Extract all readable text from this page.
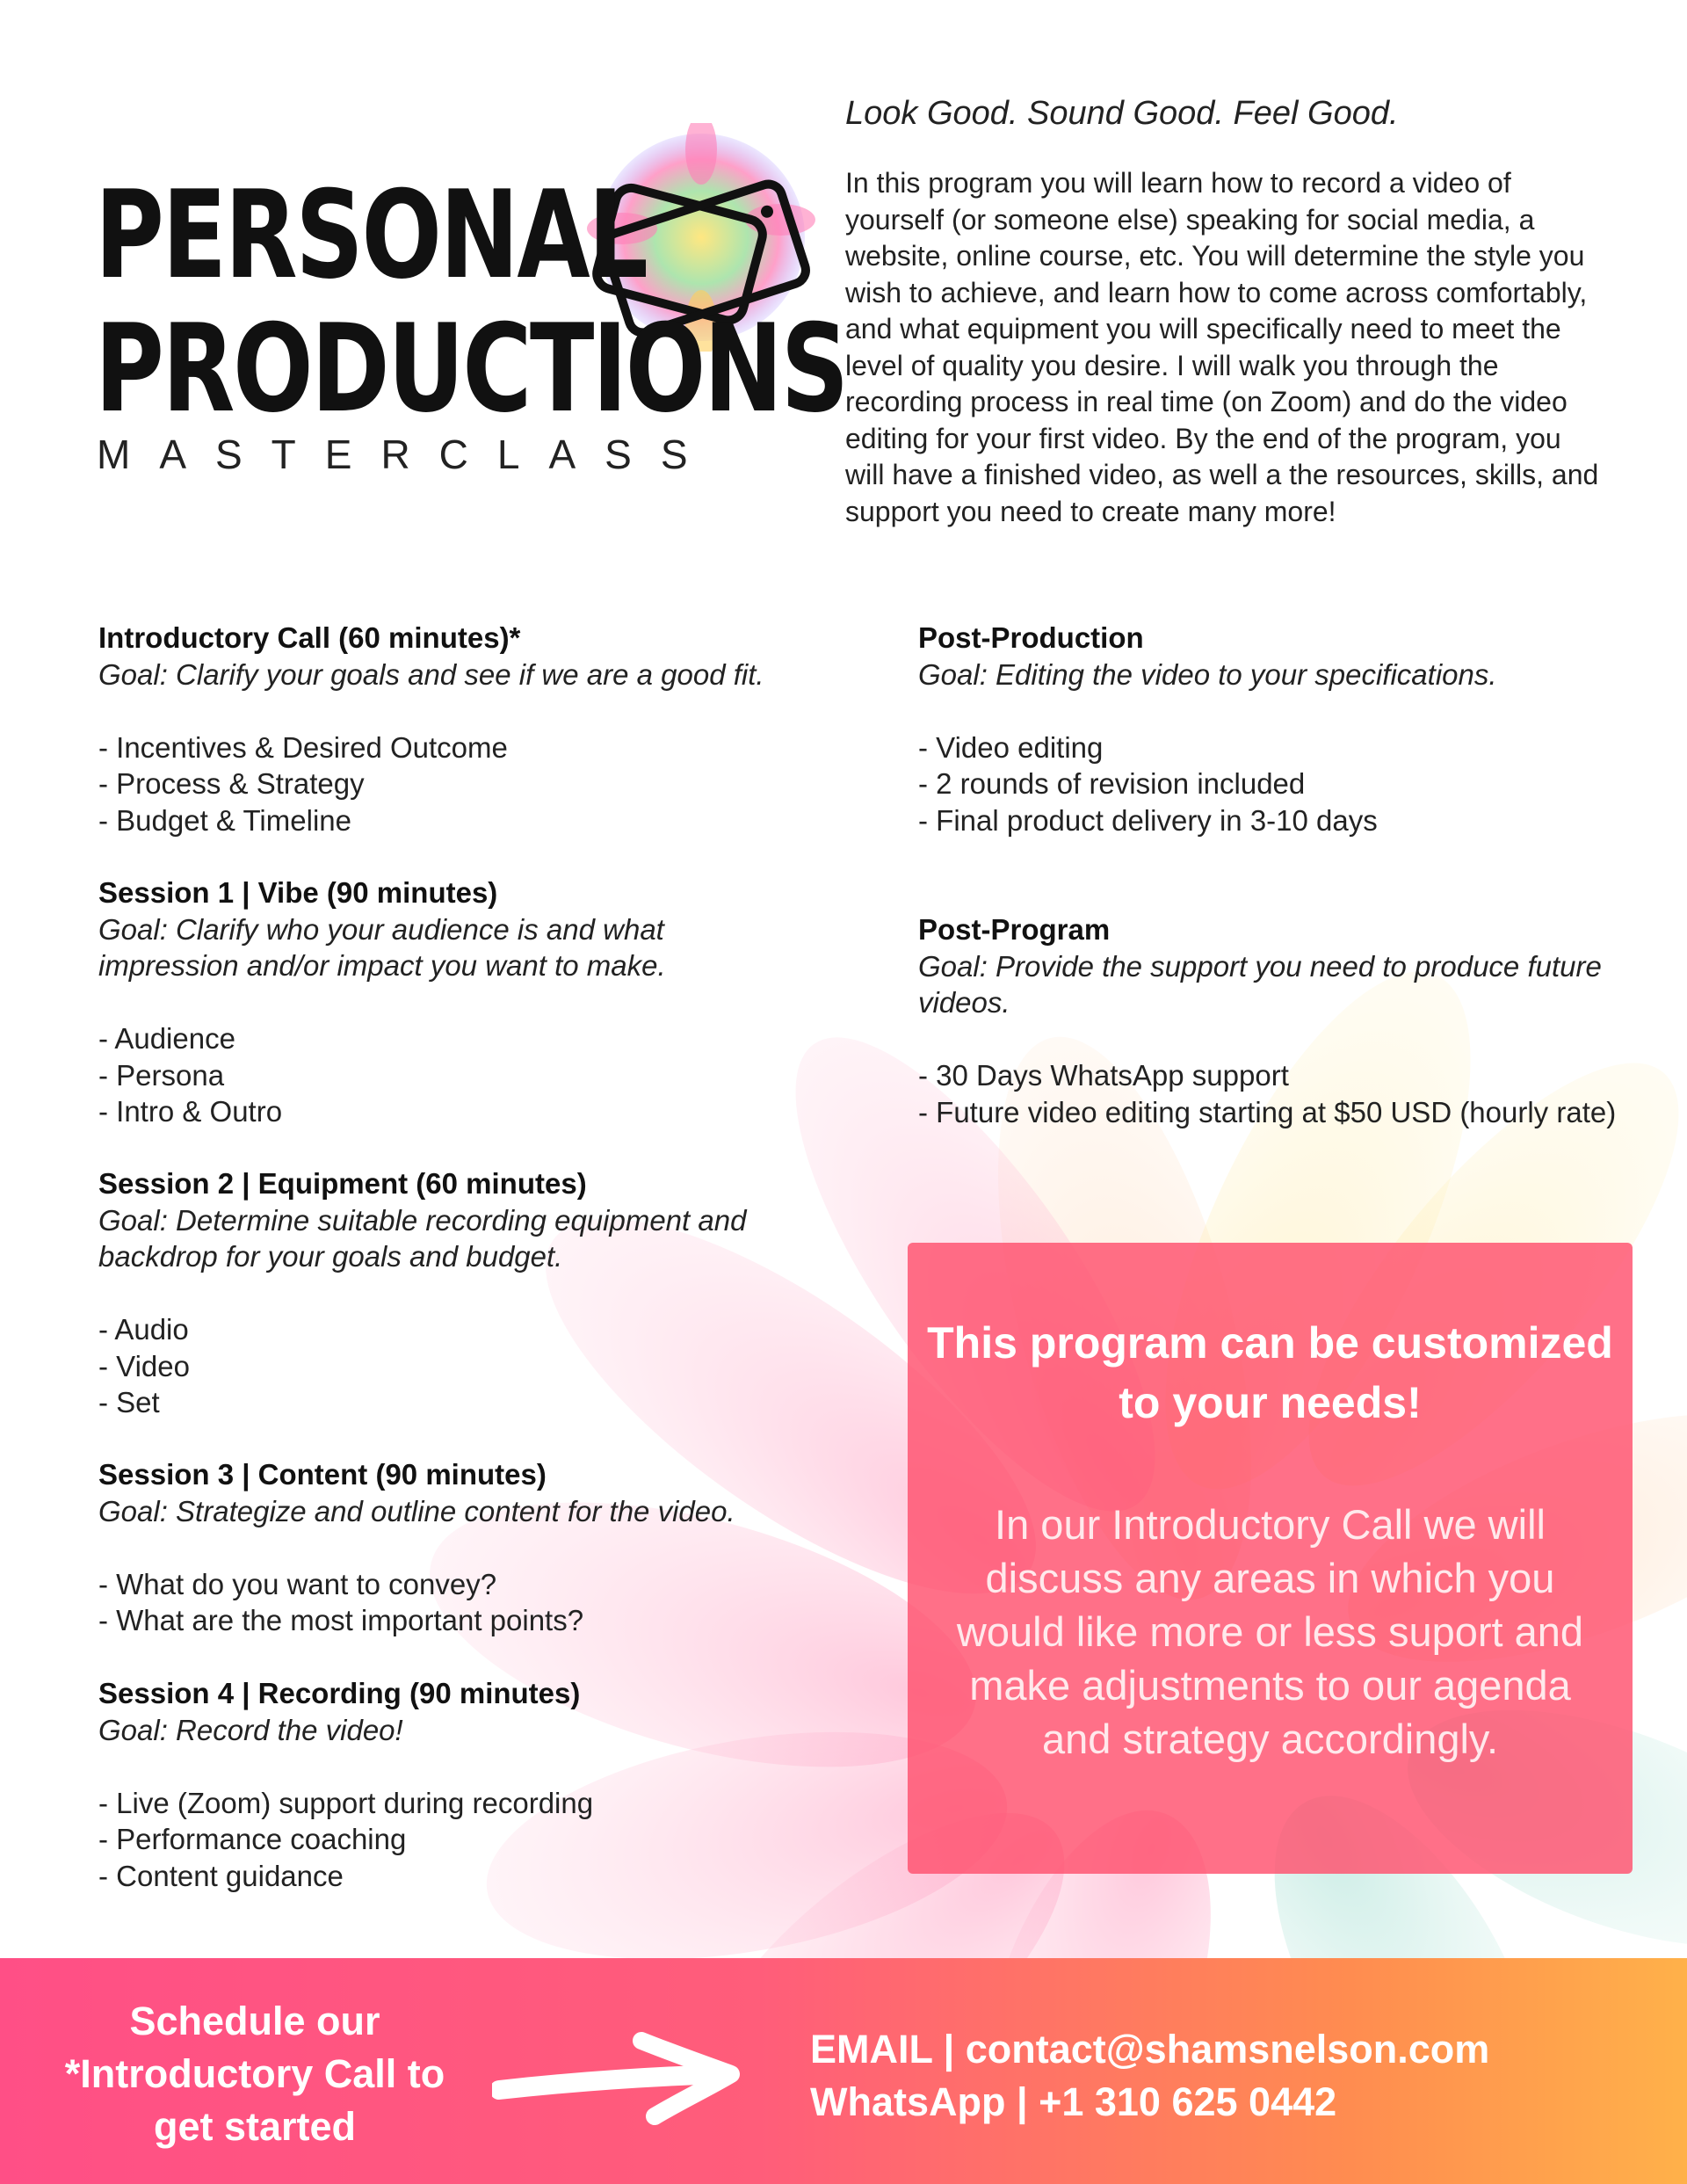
PERSONAL
PRODUCTIONS
MASTERCLASS
Look Good. Sound Good. Feel Good.
In this program you will learn how to record a video of yourself (or someone else) speaking for social media, a website, online course, etc. You will determine the style you wish to achieve, and learn how to come across comfortably, and what equipment you will specifically need to meet the level of quality you desire. I will walk you through the recording process in real time (on Zoom) and do the video editing for your first video. By the end of the program, you will have a finished video, as well a the resources, skills, and support you need to create many more!
Introductory Call (60 minutes)*
Goal: Clarify your goals and see if we are a good fit.
- Incentives & Desired Outcome
- Process & Strategy
- Budget & Timeline
Session 1 | Vibe (90 minutes)
Goal: Clarify who your audience is and what impression and/or impact you want to make.
- Audience
- Persona
- Intro & Outro
Session 2 | Equipment (60 minutes)
Goal: Determine suitable recording equipment and backdrop for your goals and budget.
- Audio
- Video
- Set
Session 3 | Content (90 minutes)
Goal: Strategize and outline content for the video.
- What do you want to convey?
- What are the most important points?
Session 4 | Recording (90 minutes)
Goal: Record the video!
- Live (Zoom) support during recording
- Performance coaching
- Content guidance
Post-Production
Goal: Editing the video to your specifications.
- Video editing
- 2 rounds of revision included
- Final product delivery in 3-10 days
Post-Program
Goal: Provide the support you need to produce future videos.
- 30 Days WhatsApp support
- Future video editing starting at $50 USD (hourly rate)
This program can be customized to your needs!
In our Introductory Call we will discuss any areas in which you would like more or less suport and make adjustments to our agenda and strategy accordingly.
Schedule our *Introductory Call to get started
EMAIL | contact@shamsnelson.com
WhatsApp | +1 310 625 0442
